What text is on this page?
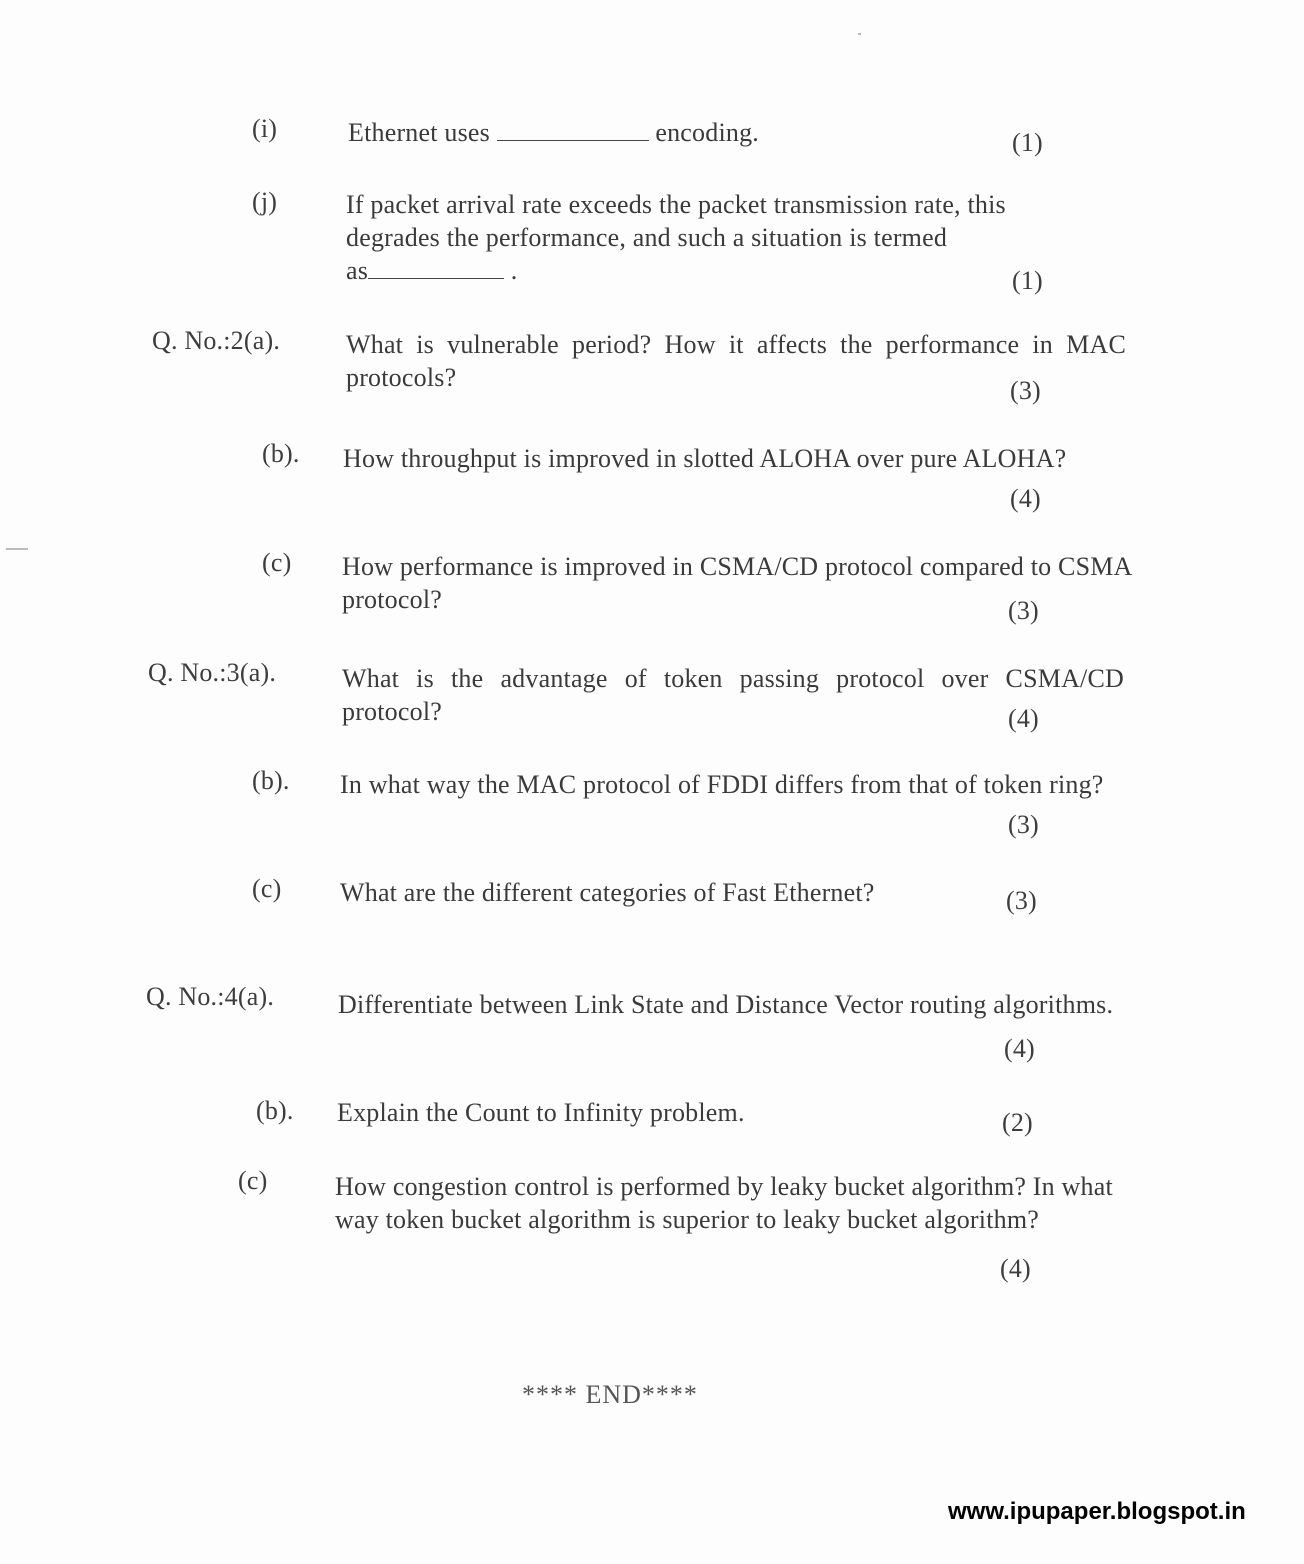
(i)	Ethernet uses	encoding.	(1)
(j)	If packet arrival rate exceeds the packet transmission rate, this
degrades the performance, and such a situation is termed
as	.	(1)
Q. No.:2(a).	What is vulnerable period? How it affects the performance in MAC protocols?	(3)
(b). How throughput is improved in slotted ALOHA over pure ALOHA?
(4)
(c) How performance is improved in CSMA/CD protocol compared to CSMA protocol?	(3)
Q. No.:3(a).	What is the advantage of token passing protocol over CSMA/CD protocol?	(4)
(b). In what way the MAC protocol of FDDI differs from that of token ring?
(3)
(c) What are the different categories of Fast Ethernet?	(3)
Q. No.:4(a). Differentiate between Link State and Distance Vector routing algorithms.
(4)
(b). Explain the Count to Infinity problem.	(2)
(c)	How congestion control is performed by leaky bucket algorithm? In what way token bucket algorithm is superior to leaky bucket algorithm?
(4)
**** END****
www.ipupaper.blogspot.in
